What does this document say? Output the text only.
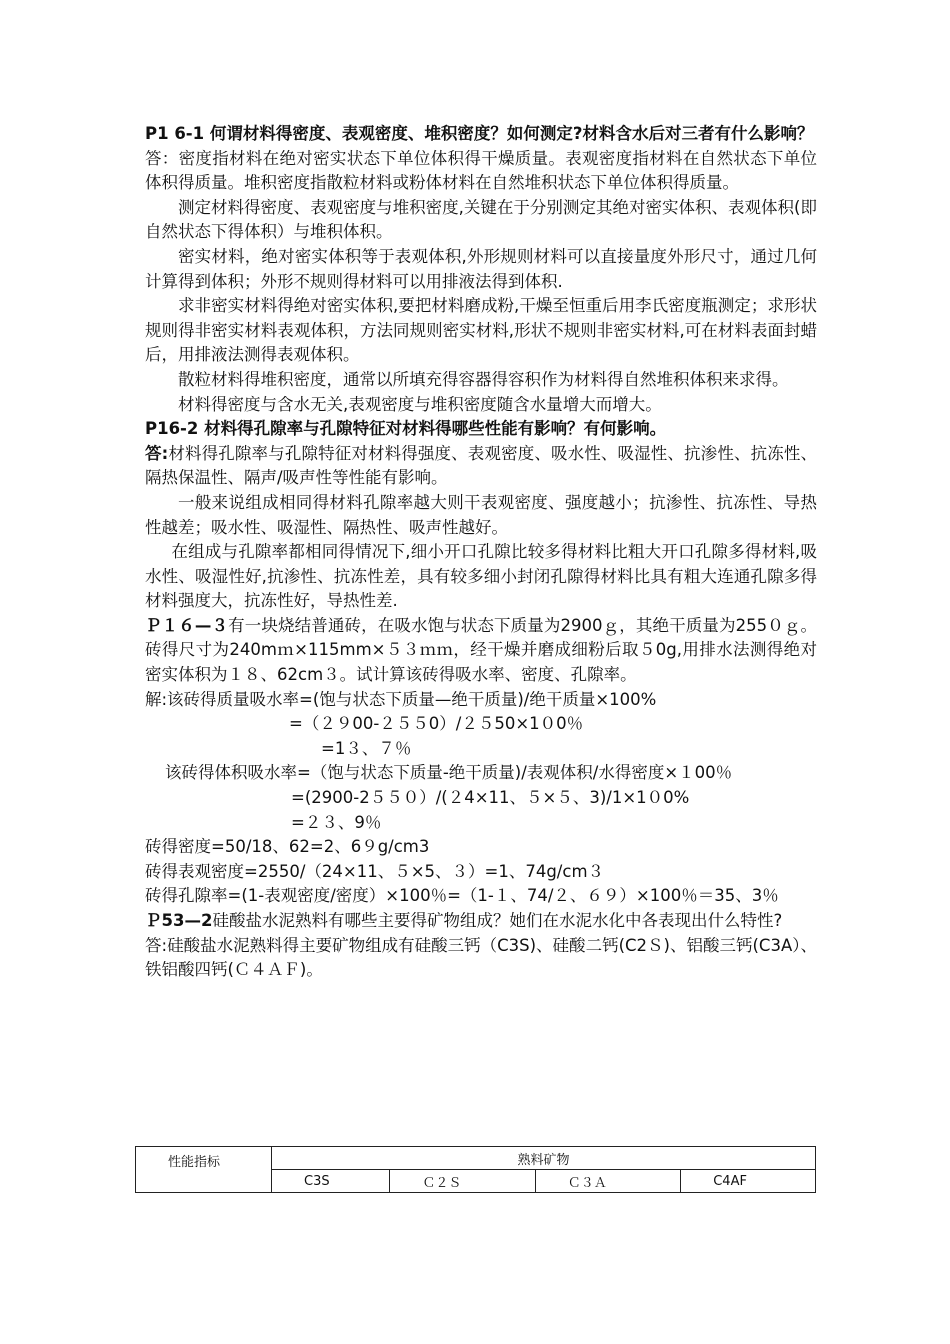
P1 6-1 何谓材料得密度、表观密度、堆积密度？如何测定?材料含水后对三者有什么影响？

答：密度指材料在绝对密实状态下单位体积得干燥质量。表观密度指材料在自然状态下单位体积得质量。堆积密度指散粒材料或粉体材料在自然堆积状态下单位体积得质量。

测定材料得密度、表观密度与堆积密度,关键在于分别测定其绝对密实体积、表观体积(即自然状态下得体积）与堆积体积。

密实材料，绝对密实体积等于表观体积,外形规则材料可以直接量度外形尺寸，通过几何计算得到体积；外形不规则得材料可以用排液法得到体积.

求非密实材料得绝对密实体积,要把材料磨成粉,干燥至恒重后用李氏密度瓶测定；求形状规则得非密实材料表观体积，方法同规则密实材料,形状不规则非密实材料,可在材料表面封蜡后，用排液法测得表观体积。

散粒材料得堆积密度，通常以所填充得容器得容积作为材料得自然堆积体积来求得。

材料得密度与含水无关,表观密度与堆积密度随含水量增大而增大。

P16-2 材料得孔隙率与孔隙特征对材料得哪些性能有影响？有何影响。

答:材料得孔隙率与孔隙特征对材料得强度、表观密度、吸水性、吸湿性、抗渗性、抗冻性、隔热保温性、隔声/吸声性等性能有影响。

一般来说组成相同得材料孔隙率越大则干表观密度、强度越小；抗渗性、抗冻性、导热性越差；吸水性、吸湿性、隔热性、吸声性越好。

在组成与孔隙率都相同得情况下,细小开口孔隙比较多得材料比粗大开口孔隙多得材料,吸水性、吸湿性好,抗渗性、抗冻性差，具有较多细小封闭孔隙得材料比具有粗大连通孔隙多得材料强度大，抗冻性好，导热性差.

Ｐ１６—３有一块烧结普通砖，在吸水饱与状态下质量为2900ｇ，其绝干质量为255０ｇ。砖得尺寸为240mｍ×115mm×５３ｍｍ，经干燥并磨成细粉后取５0g,用排水法测得绝对密实体积为１８、62cm３。试计算该砖得吸水率、密度、孔隙率。

解:该砖得质量吸水率=(饱与状态下质量—绝干质量)/绝干质量×100%

=（２９00-２５５0）/２５50×1０0％

=1３、７％

该砖得体积吸水率=（饱与状态下质量-绝干质量)/表观体积/水得密度×１00％

=(2900-2５５０）/(２4×11、５×５、3)/1×1０0%

=２３、9％

砖得密度=50/18、62=2、6９g/cm3

砖得表观密度=2550/（24×11、５×5、３）=1、74g/cm３

砖得孔隙率=(1-表观密度/密度）×100％=（1-１、74/２、６９）×100％＝35、3％

Ｐ53—2硅酸盐水泥熟料有哪些主要得矿物组成？她们在水泥水化中各表现出什么特性?

答:硅酸盐水泥熟料得主要矿物组成有硅酸三钙（C3S)、硅酸二钙(C2Ｓ)、铝酸三钙(C3A）、铁铝酸四钙(Ｃ４ＡＦ)。

性能指标	熟料矿物			
	C3S	Ｃ２Ｓ	Ｃ３Ａ	C4AF
